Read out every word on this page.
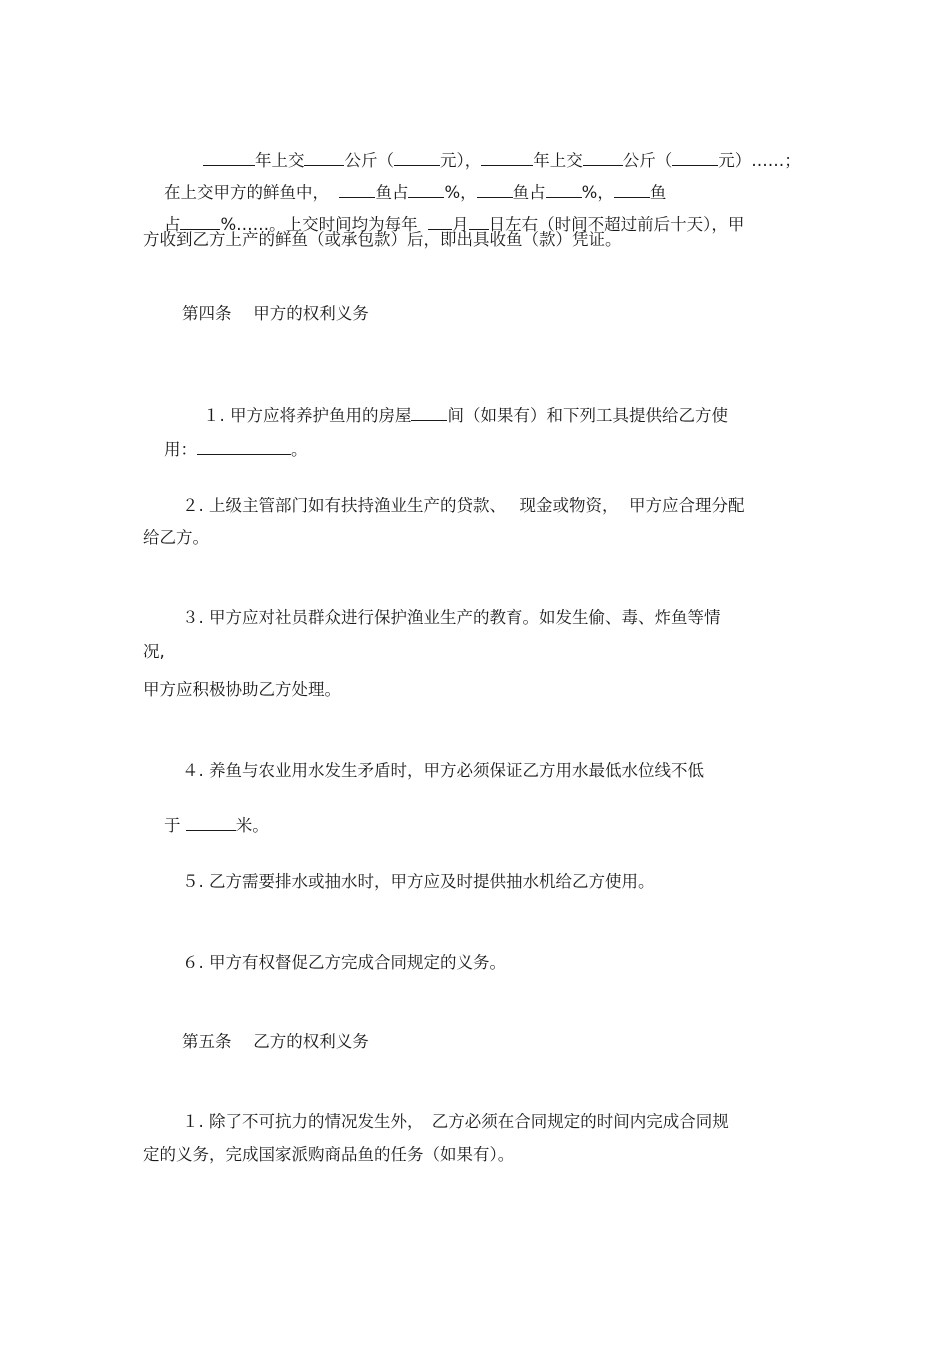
年上交 公斤（	元），	年上交 公斤（	元）……；

在上交甲方的鲜鱼中，	鱼占 %， 鱼占 %， 鱼

占 %……。上交时间均为每年 月 日左右（时间不超过前后十天），甲

方收到乙方上产的鲜鱼（或承包款）后，即出具收鱼（款）凭证。
第四条　 甲方的权利义务

１. 甲方应将养护鱼用的房屋 间（如果有）和下列工具提供给乙方使

用：	。

２. 上级主管部门如有扶持渔业生产的贷款、　 现金或物资，  甲方应合理分配
给乙方。
３. 甲方应对社员群众进行保护渔业生产的教育。如发生偷、毒、炸鱼等情
况,
甲方应积极协助乙方处理。
４. 养鱼与农业用水发生矛盾时，甲方必须保证乙方用水最低水位线不低

于	米。

５. 乙方需要排水或抽水时，甲方应及时提供抽水机给乙方使用。
６. 甲方有权督促乙方完成合同规定的义务。
第五条　 乙方的权利义务
１. 除了不可抗力的情况发生外，　乙方必须在合同规定的时间内完成合同规
定的义务，完成国家派购商品鱼的任务（如果有）。
